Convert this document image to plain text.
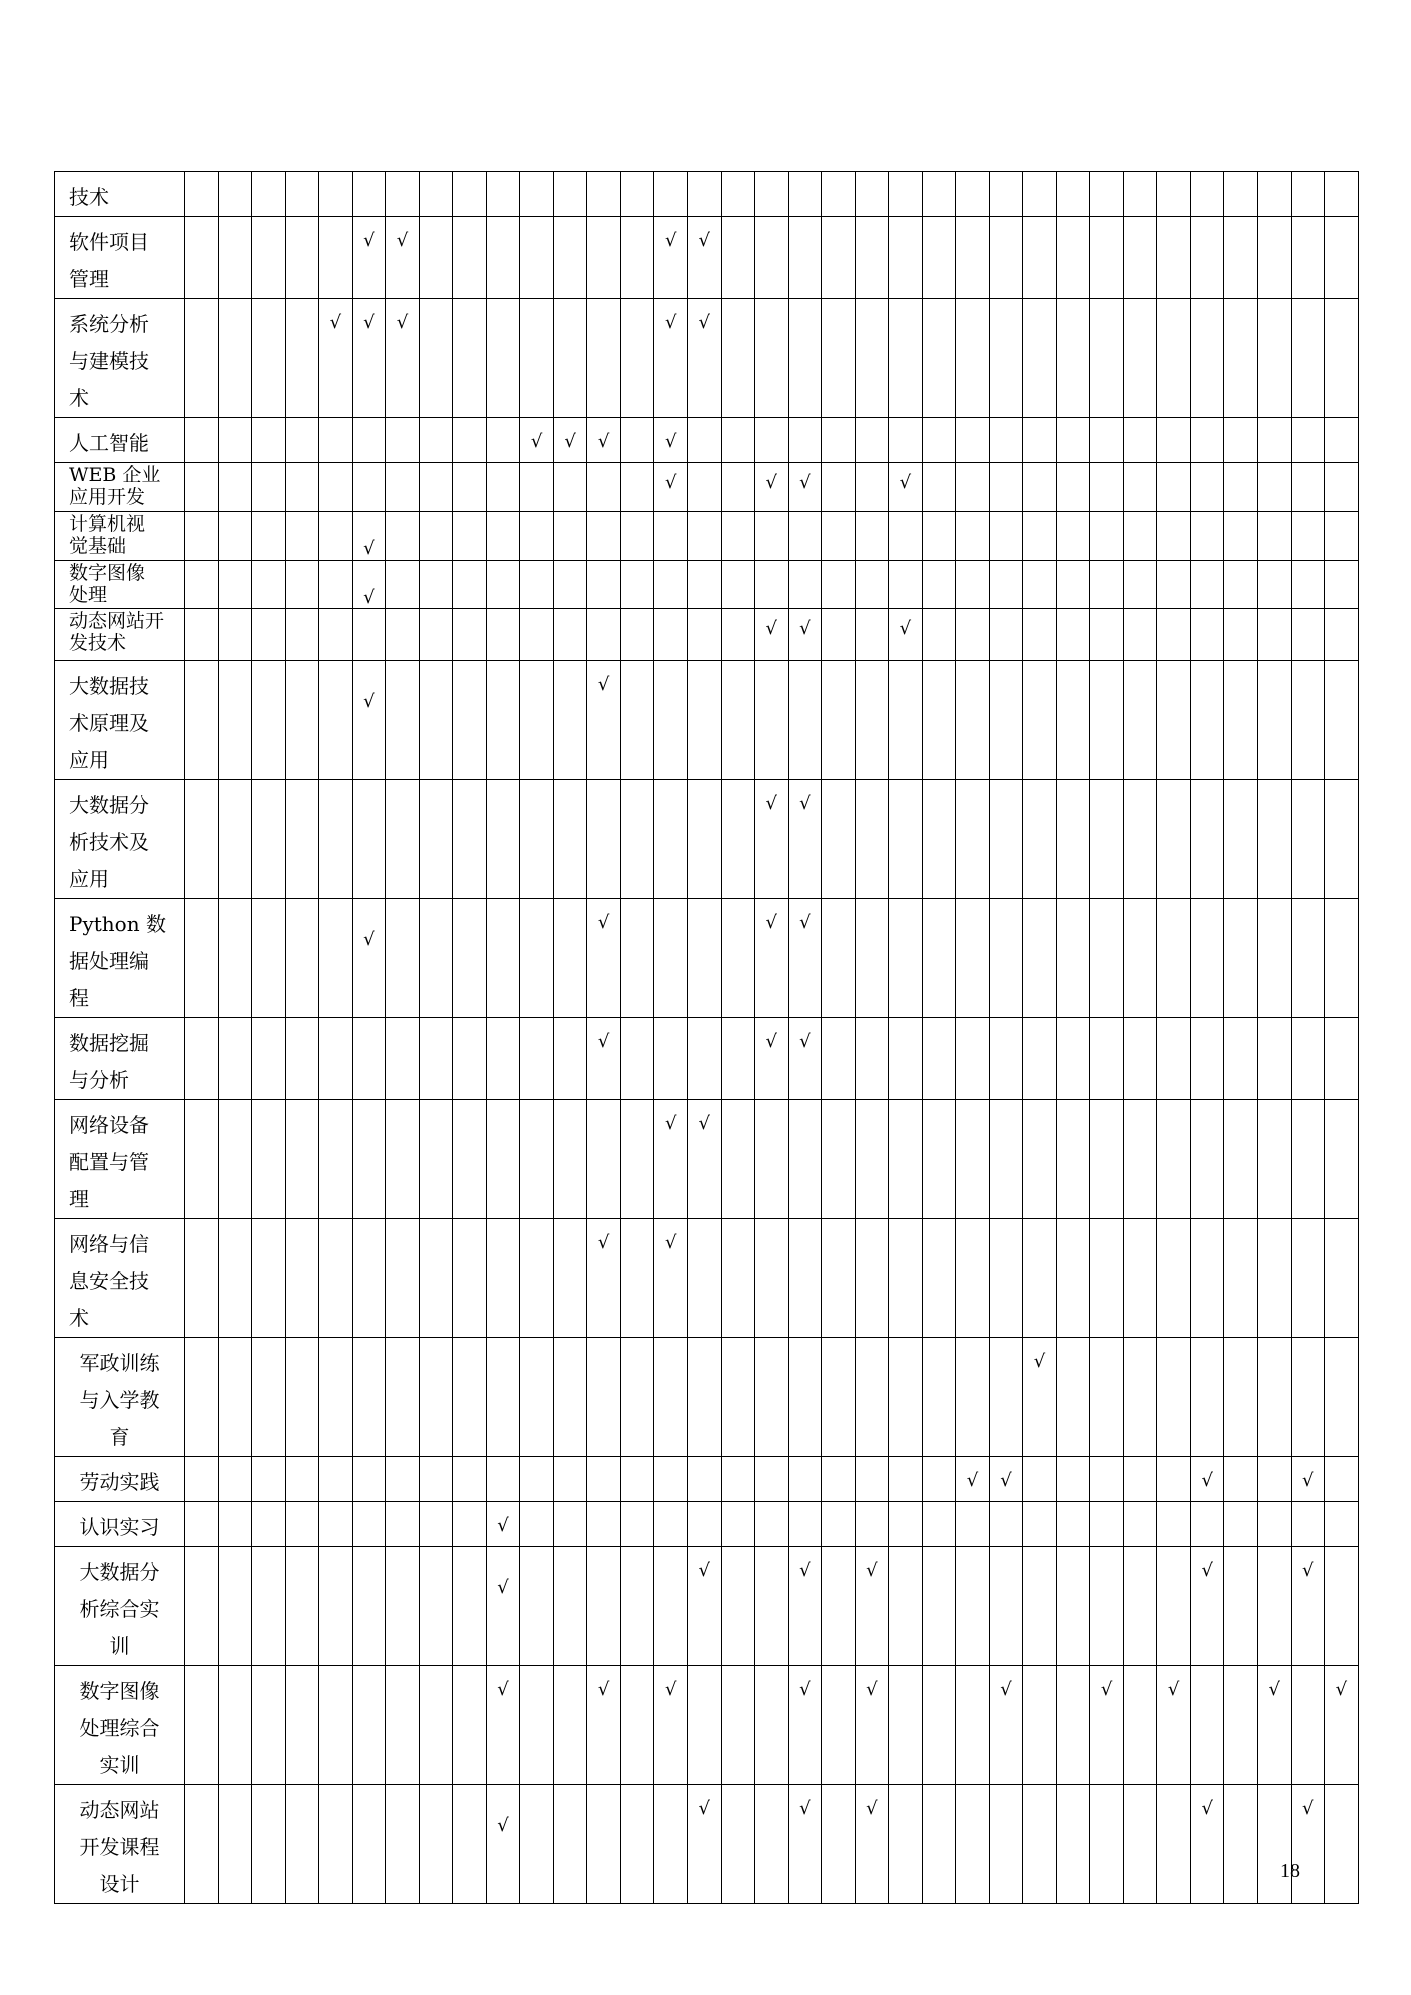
技术																																			
软件项目
管理						√	√								√	√																			
系统分析
与建模技
术					√	√	√								√	√																			
人工智能											√	√	√		√																				
WEB 企业
应用开发															√			√	√			√													
计算机视
觉基础						√																													

数字图像
处理						√																													

动态网站开
发技术																		√	√			√													
大数据技
术原理及
应用						√							√																						
大数据分
析技术及
应用																		√	√																
Python 数
据处理编
程						√							√					√	√																
数据挖掘
与分析													√					√	√																
网络设备
配置与管
理															√	√																			
网络与信
息安全技
术													√		√																				
军政训练
与入学教
育																										√									
劳动实践																								√	√						√			√	
认识实习										√																									
大数据分
析综合实
训										√						√			√		√										√			√	
数字图像
处理综合
实训										√			√		√				√		√				√			√		√			√		√
动态网站
开发课程
设计										√						√			√		√										√			√	
18
